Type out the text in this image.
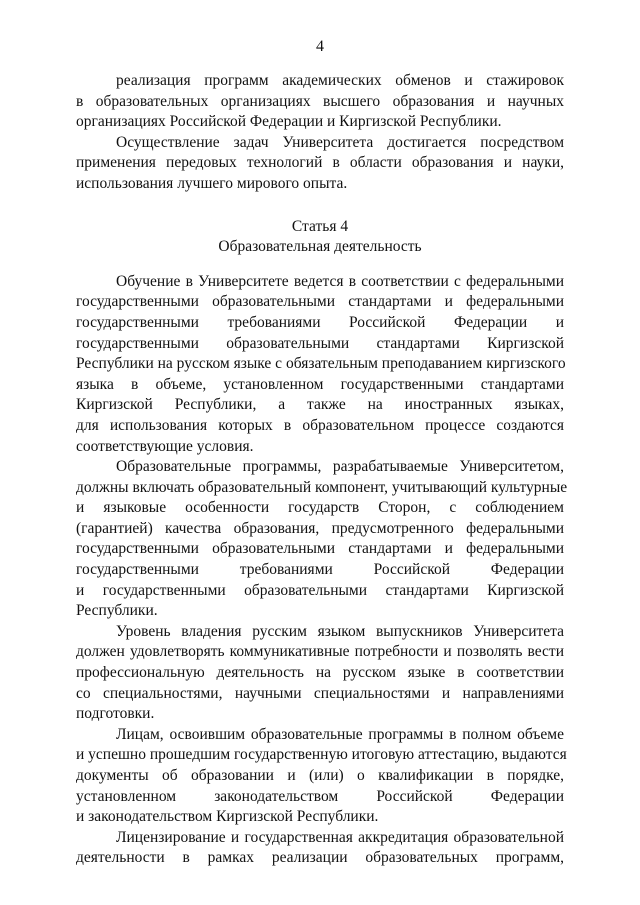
4

реализация программ академических обменов и стажировок
в образовательных организациях высшего образования и научных
организациях Российской Федерации и Киргизской Республики.

Осуществление задач Университета достигается посредством
применения передовых технологий в области образования и науки,
использования лучшего мирового опыта.

Статья 4

Образовательная деятельность

Обучение в Университете ведется в соответствии с федеральными
государственными образовательными стандартами и федеральными
государственными требованиями Российской Федерации и
государственными образовательными стандартами Киргизской
Республики на русском языке с обязательным преподаванием киргизского
языка в объеме, установленном государственными стандартами
Киргизской Республики, а также на иностранных языках,
для использования которых в образовательном процессе создаются
соответствующие условия.

Образовательные программы, разрабатываемые Университетом,
должны включать образовательный компонент, учитывающий культурные
и языковые особенности государств Сторон, с соблюдением
(гарантией) качества образования, предусмотренного федеральными
государственными образовательными стандартами и федеральными
государственными требованиями Российской Федерации
и государственными образовательными стандартами Киргизской
Республики.

Уровень владения русским языком выпускников Университета
должен удовлетворять коммуникативные потребности и позволять вести
профессиональную деятельность на русском языке в соответствии
со специальностями, научными специальностями и направлениями
подготовки.

Лицам, освоившим образовательные программы в полном объеме
и успешно прошедшим государственную итоговую аттестацию, выдаются
документы об образовании и (или) о квалификации в порядке,
установленном законодательством Российской Федерации
и законодательством Киргизской Республики.

Лицензирование и государственная аккредитация образовательной
деятельности в рамках реализации образовательных программ,
